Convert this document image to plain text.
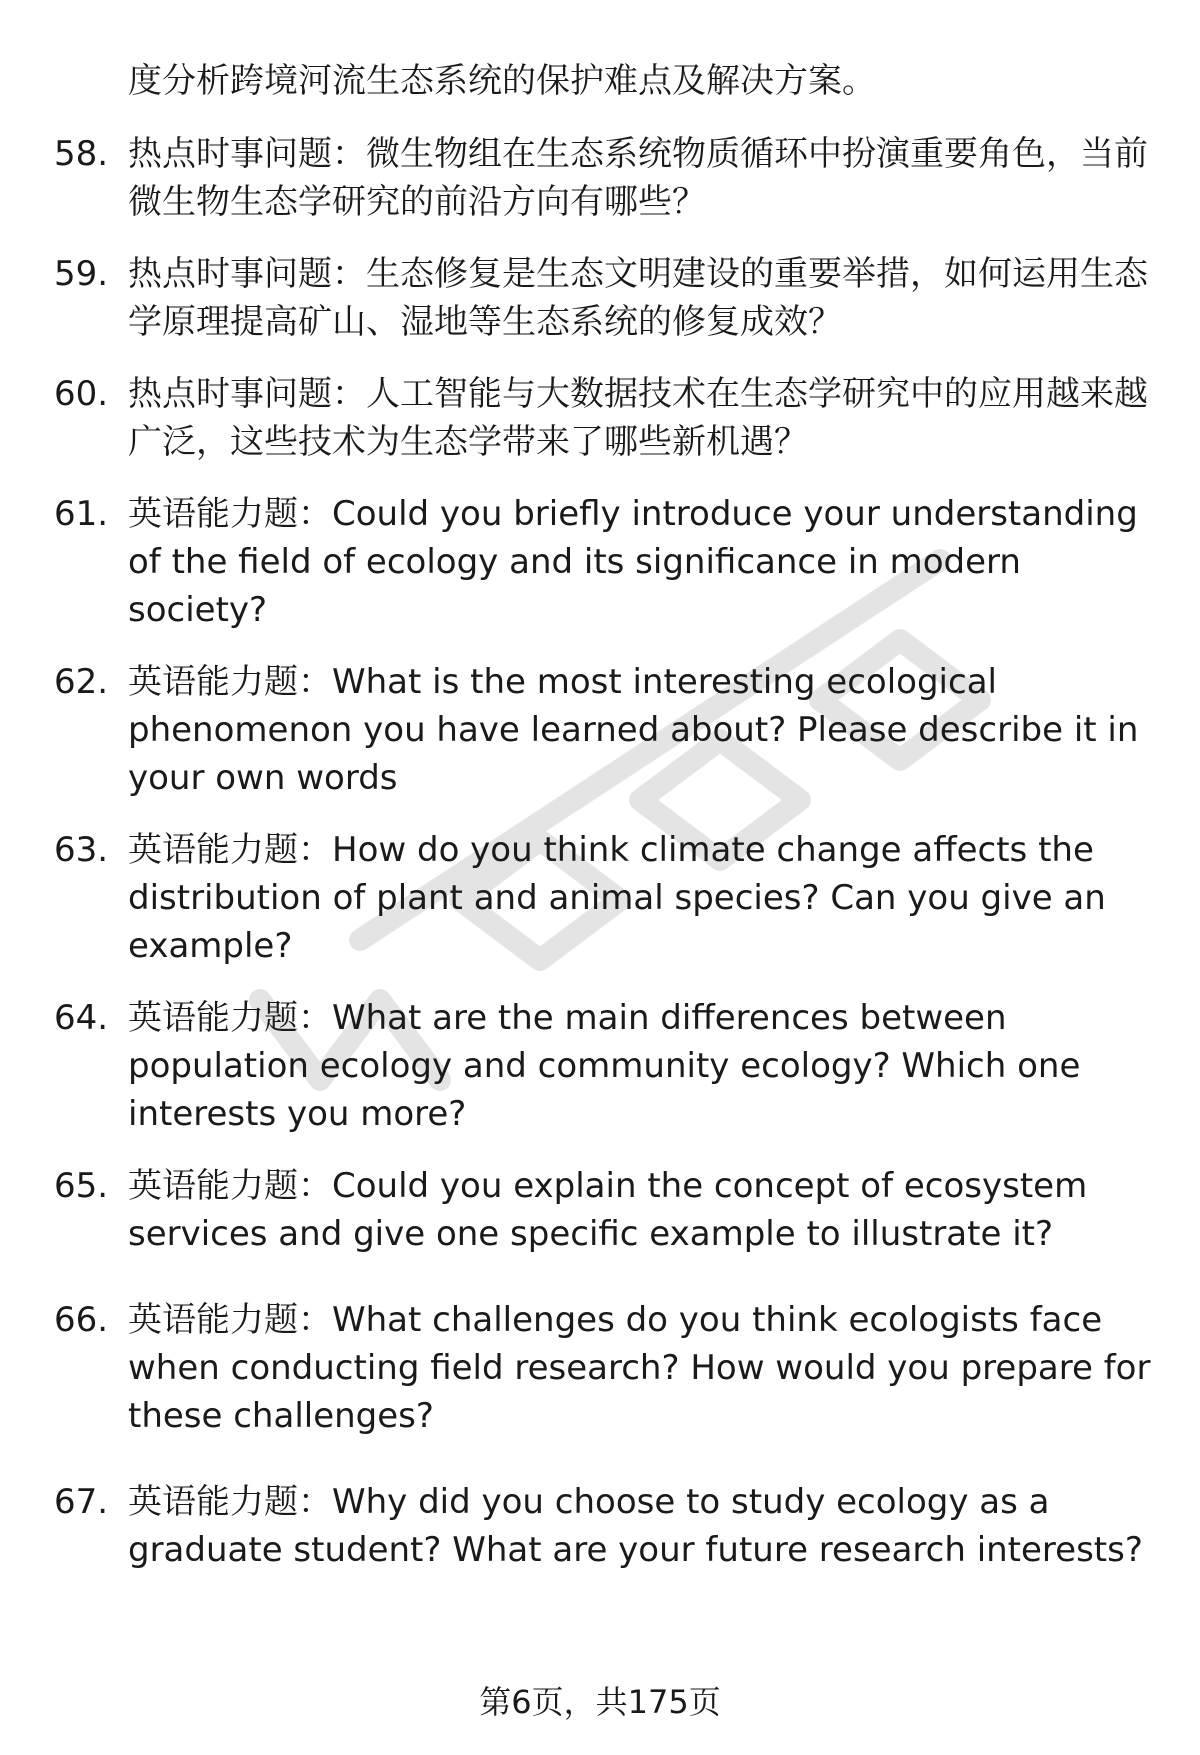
度分析跨境河流生态系统的保护难点及解决方案。
58. 热点时事问题：微生物组在生态系统物质循环中扮演重要角色，当前微生物生态学研究的前沿方向有哪些？
59. 热点时事问题：生态修复是生态文明建设的重要举措，如何运用生态学原理提高矿山、湿地等生态系统的修复成效？
60. 热点时事问题：人工智能与大数据技术在生态学研究中的应用越来越广泛，这些技术为生态学带来了哪些新机遇？
61. 英语能力题：Could you briefly introduce your understanding of the field of ecology and its significance in modern society?
62. 英语能力题：What is the most interesting ecological phenomenon you have learned about? Please describe it in your own words
63. 英语能力题：How do you think climate change affects the distribution of plant and animal species? Can you give an example?
64. 英语能力题：What are the main differences between population ecology and community ecology? Which one interests you more?
65. 英语能力题：Could you explain the concept of ecosystem services and give one specific example to illustrate it?
66. 英语能力题：What challenges do you think ecologists face when conducting field research? How would you prepare for these challenges?
67. 英语能力题：Why did you choose to study ecology as a graduate student? What are your future research interests?
第6页，共175页
